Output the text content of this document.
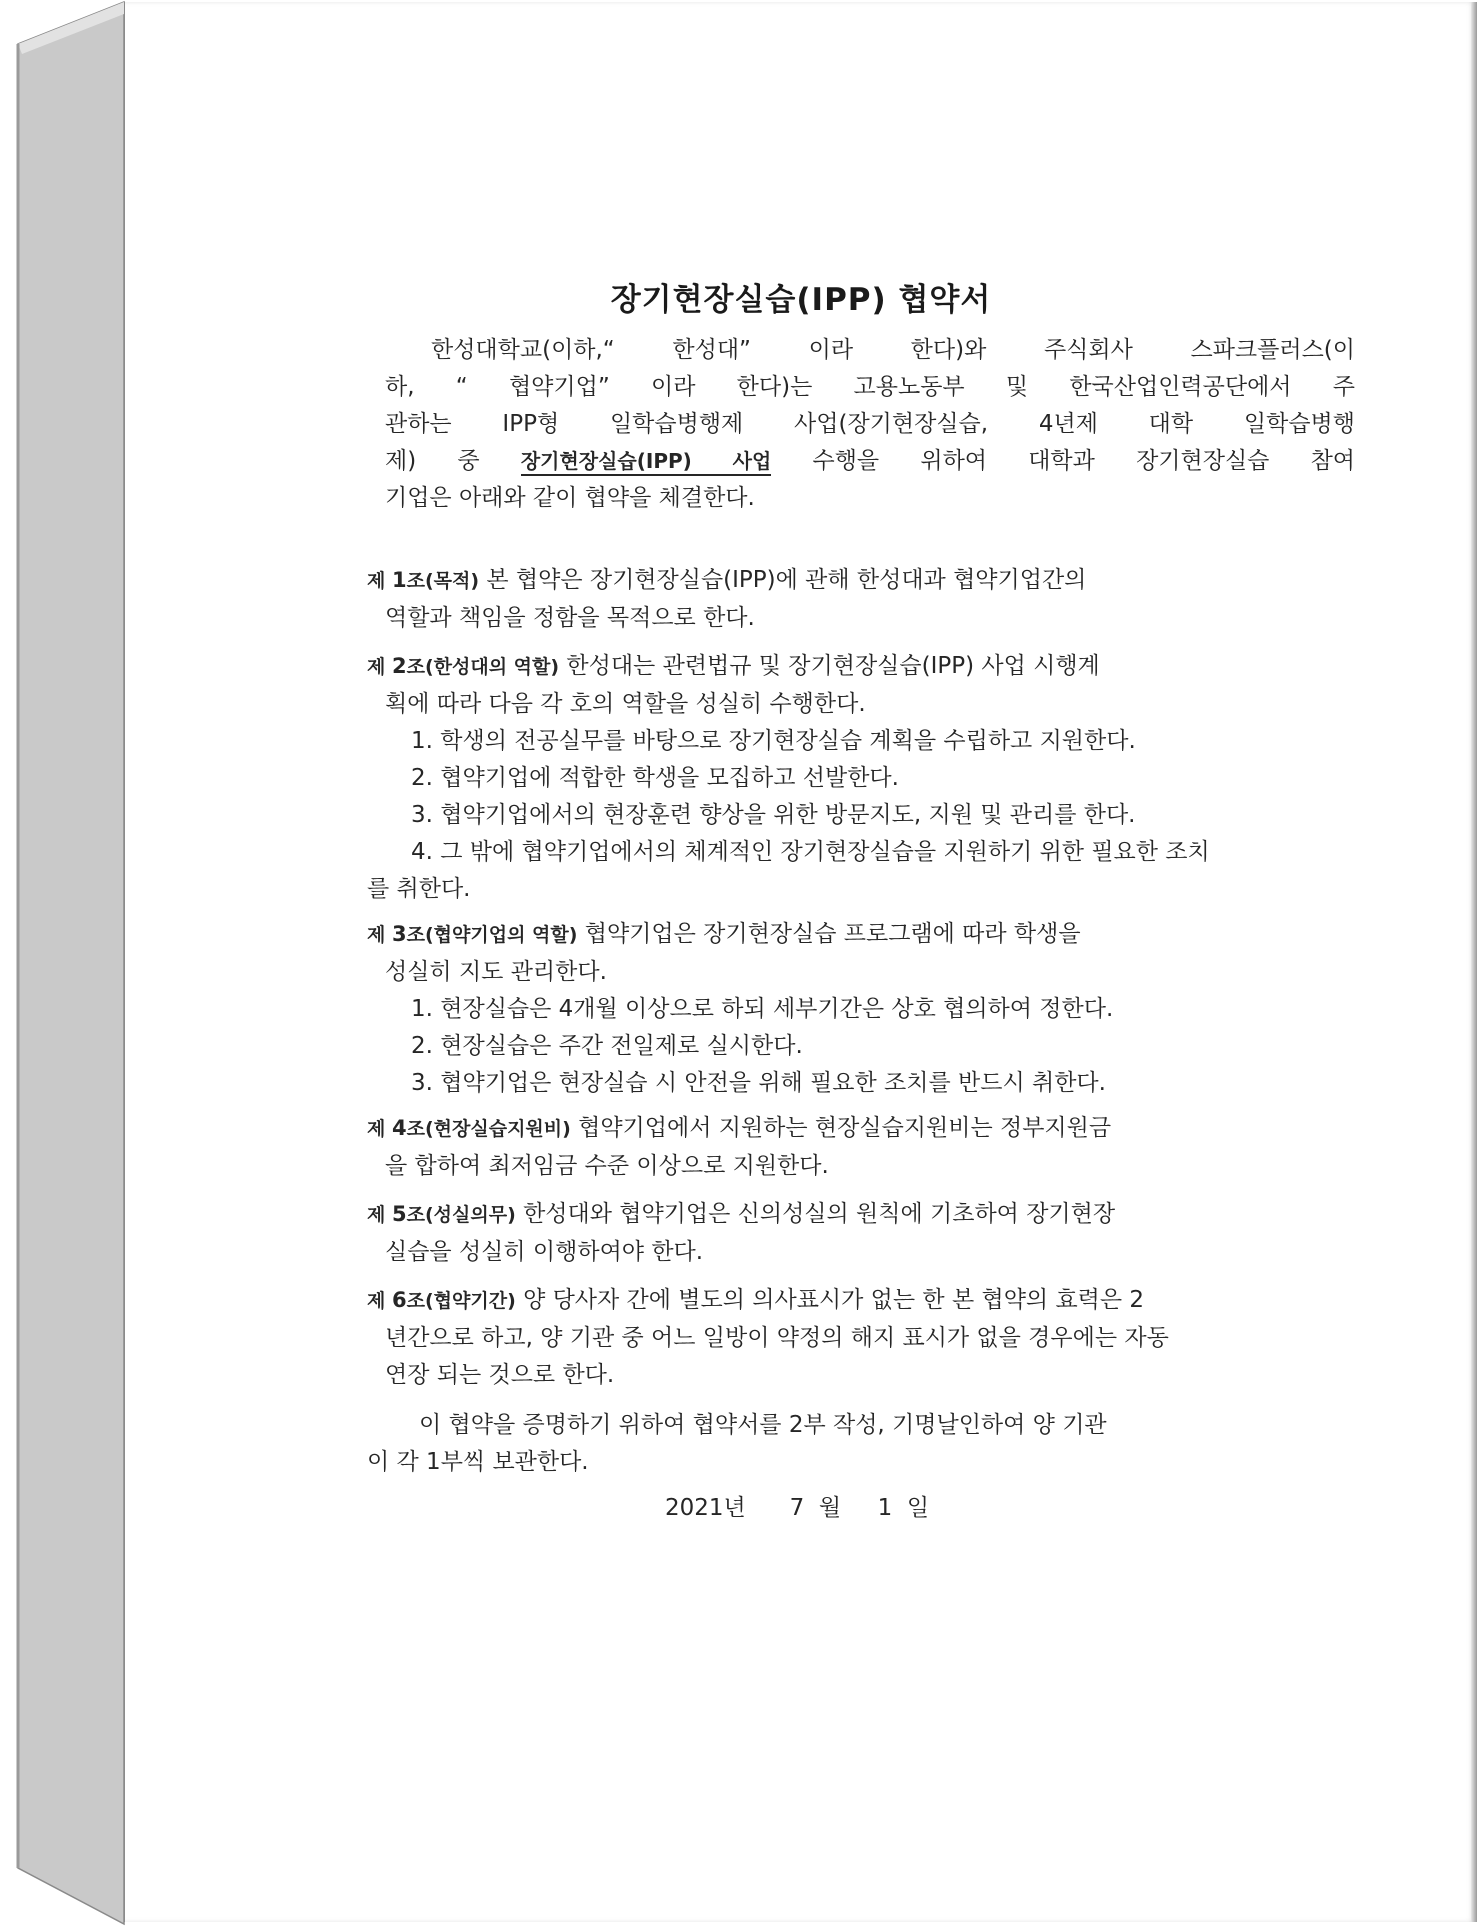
장기현장실습(IPP) 협약서
한성대학교(이하,“ 한성대” 이라 한다)와 주식회사 스파크플러스(이
하, “ 협약기업” 이라 한다)는 고용노동부 및 한국산업인력공단에서 주
관하는 IPP형 일학습병행제 사업(장기현장실습, 4년제 대학 일학습병행
제) 중 장기현장실습(IPP) 사업 수행을 위하여 대학과 장기현장실습 참여
기업은 아래와 같이 협약을 체결한다.
제 1조(목적) 본 협약은 장기현장실습(IPP)에 관해 한성대과 협약기업간의
역할과 책임을 정함을 목적으로 한다.
제 2조(한성대의 역할) 한성대는 관련법규 및 장기현장실습(IPP) 사업 시행계
획에 따라 다음 각 호의 역할을 성실히 수행한다.
1. 학생의 전공실무를 바탕으로 장기현장실습 계획을 수립하고 지원한다.
2. 협약기업에 적합한 학생을 모집하고 선발한다.
3. 협약기업에서의 현장훈련 향상을 위한 방문지도, 지원 및 관리를 한다.
4. 그 밖에 협약기업에서의 체계적인 장기현장실습을 지원하기 위한 필요한 조치
를 취한다.
제 3조(협약기업의 역할) 협약기업은 장기현장실습 프로그램에 따라 학생을
성실히 지도 관리한다.
1. 현장실습은 4개월 이상으로 하되 세부기간은 상호 협의하여 정한다.
2. 현장실습은 주간 전일제로 실시한다.
3. 협약기업은 현장실습 시 안전을 위해 필요한 조치를 반드시 취한다.
제 4조(현장실습지원비) 협약기업에서 지원하는 현장실습지원비는 정부지원금
을 합하여 최저임금 수준 이상으로 지원한다.
제 5조(성실의무) 한성대와 협약기업은 신의성실의 원칙에 기초하여 장기현장
실습을 성실히 이행하여야 한다.
제 6조(협약기간) 양 당사자 간에 별도의 의사표시가 없는 한 본 협약의 효력은 2
년간으로 하고, 양 기관 중 어느 일방이 약정의 해지 표시가 없을 경우에는 자동
연장 되는 것으로 한다.
이 협약을 증명하기 위하여 협약서를 2부 작성, 기명날인하여 양 기관
이 각 1부씩 보관한다.
2021년      7  월     1  일
